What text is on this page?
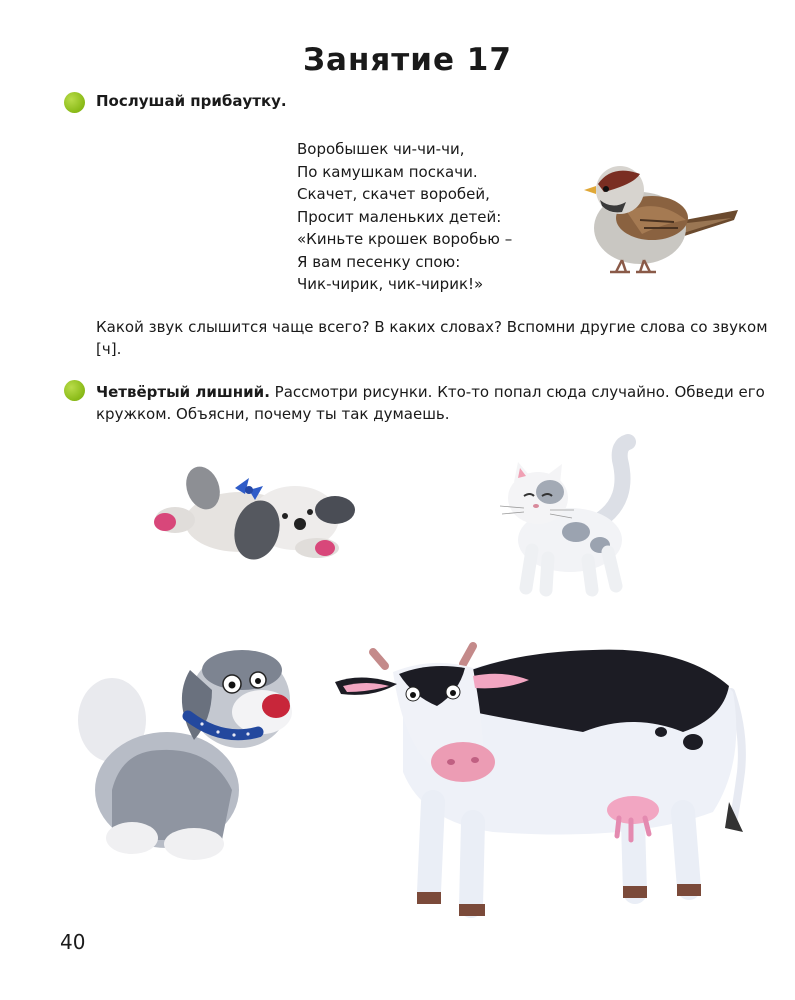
Занятие 17
Послушай прибаутку.
Воробышек чи-чи-чи,
По камушкам поскачи.
Скачет, скачет воробей,
Просит маленьких детей:
«Киньте крошек воробью –
Я вам песенку спою:
Чик-чирик, чик-чирик!»

Какой звук слышится чаще всего? В каких словах? Вспомни другие слова со звуком [ч].

Четвёртый лишний. Рассмотри рисунки. Кто-то попал сюда случайно. Обведи его кружком. Объясни, почему ты так думаешь.

40
